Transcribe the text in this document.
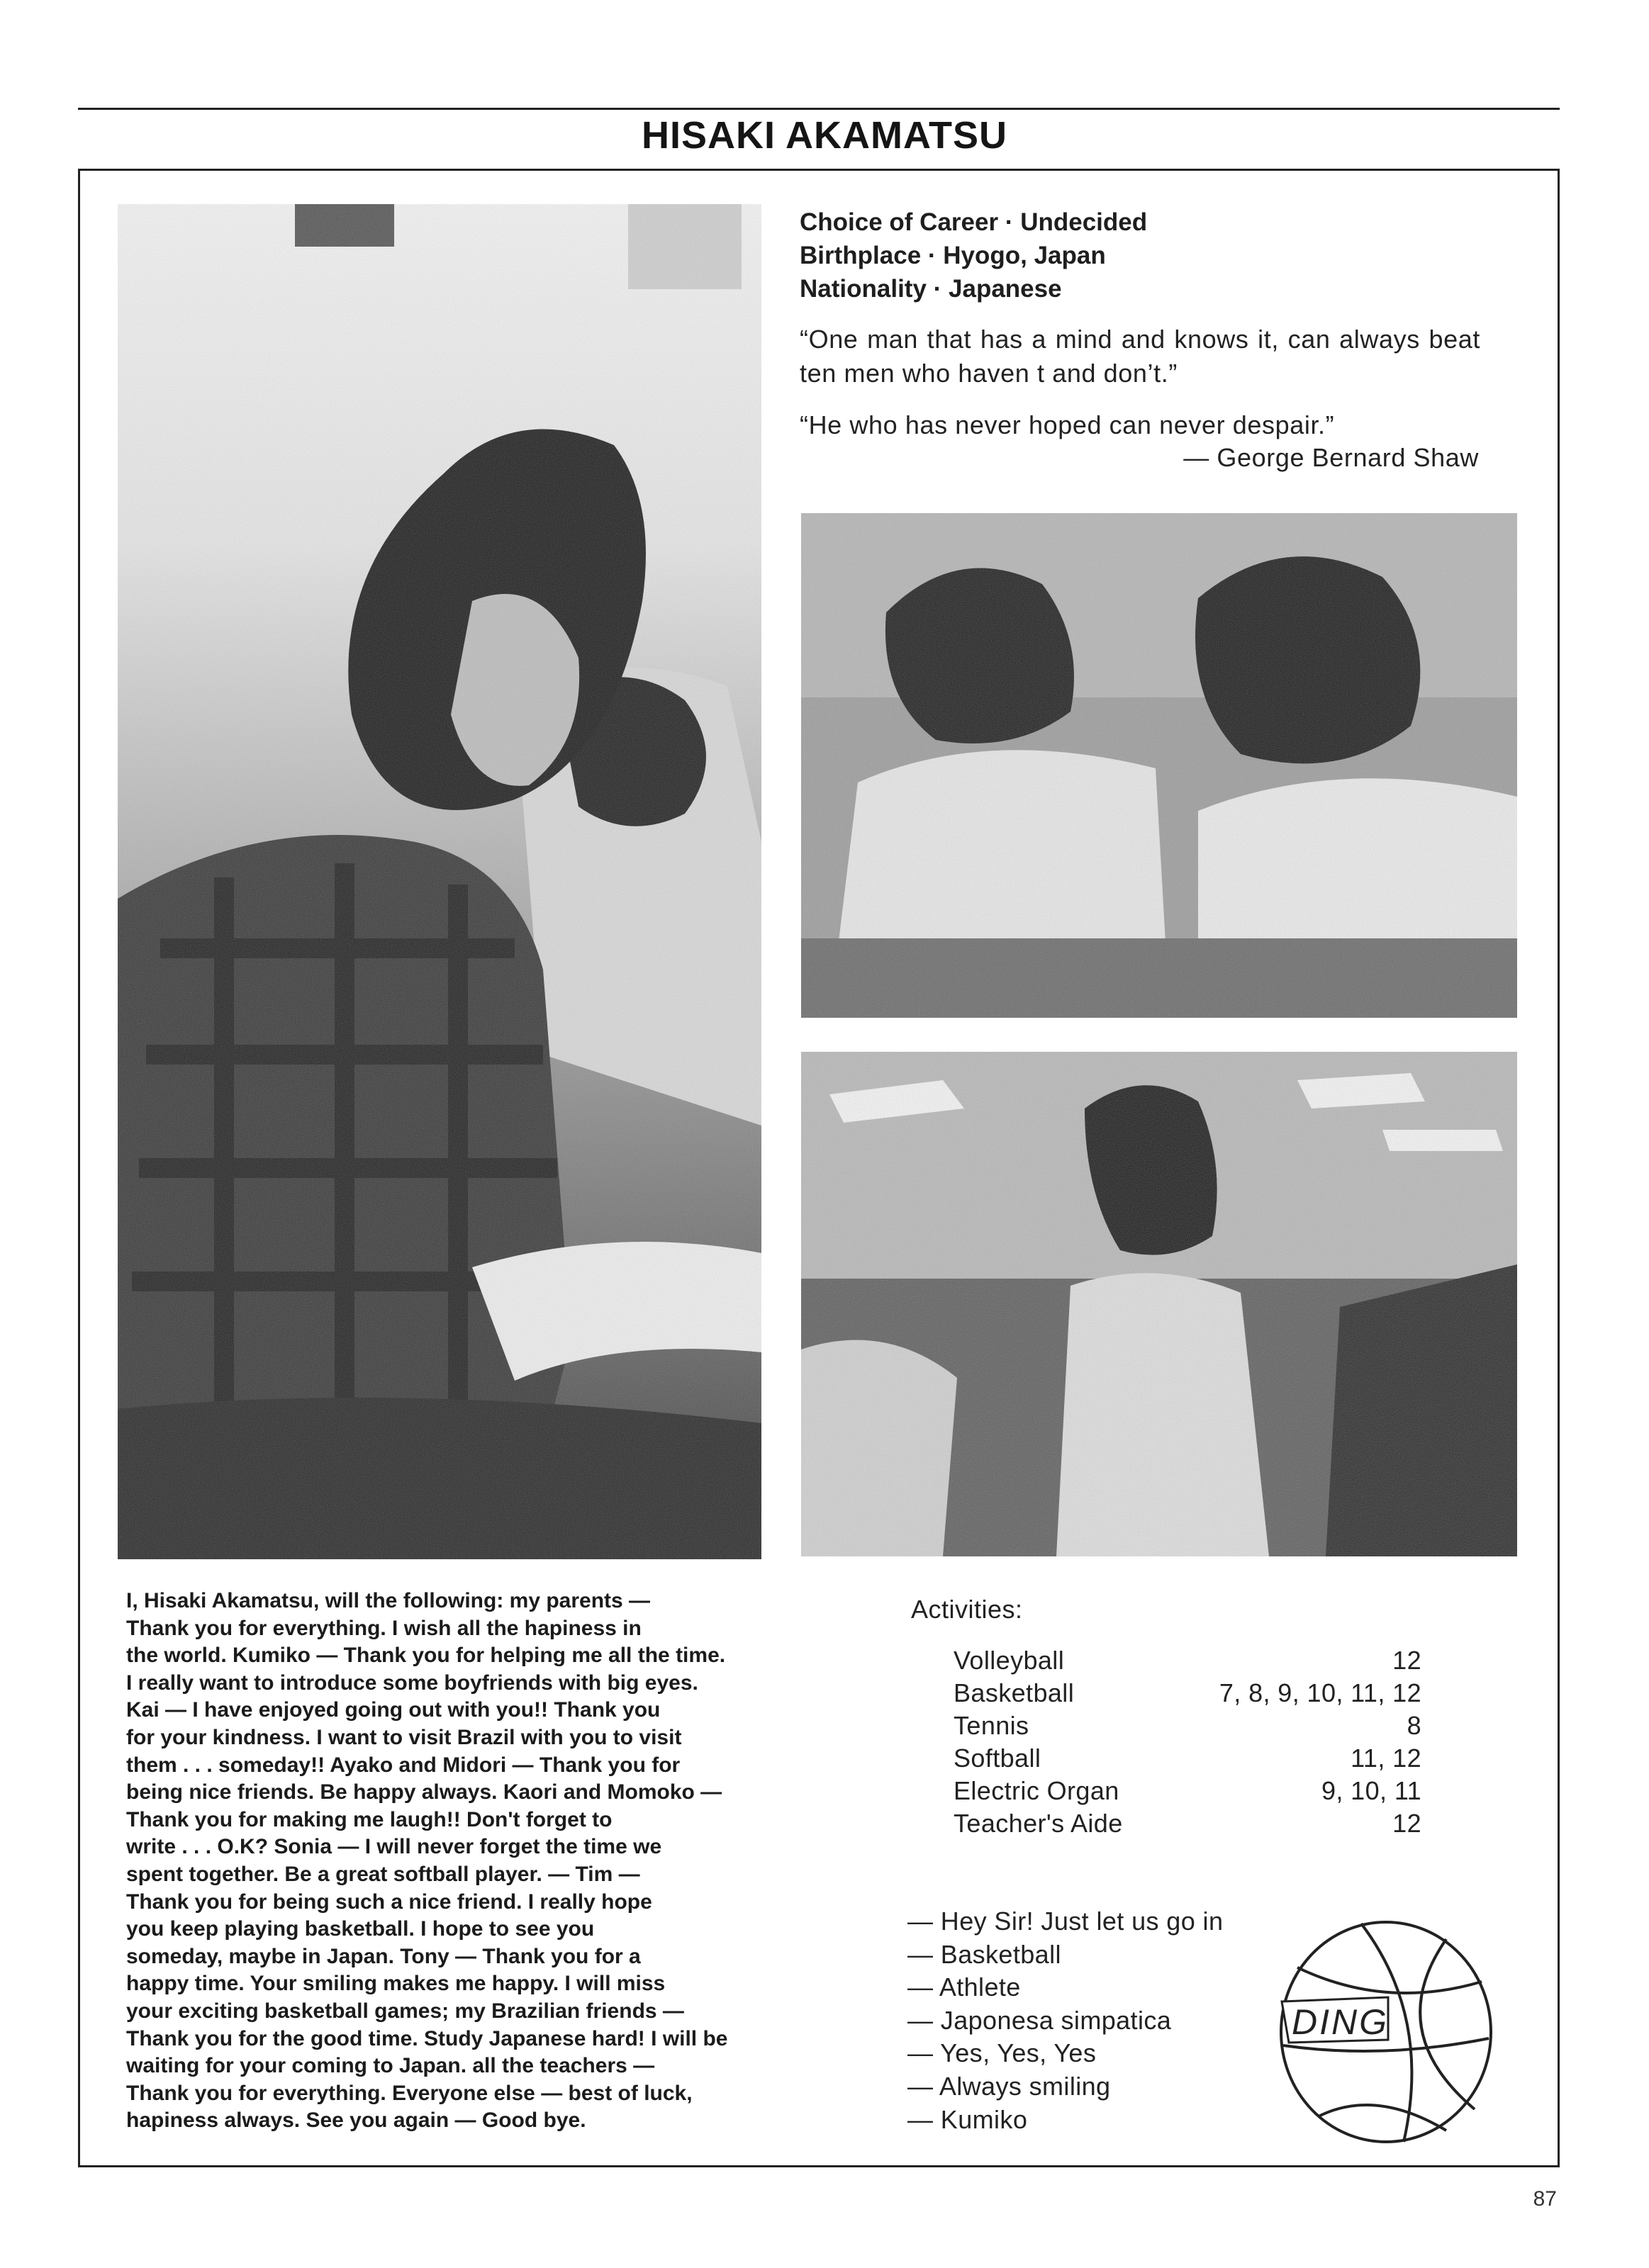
HISAKI AKAMATSU
Choice of Career · Undecided
Birthplace · Hyogo, Japan
Nationality · Japanese
“One man that has a mind and knows it, can always beat ten men who haven t and don’t.”
“He who has never hoped can never despair.”
— George Bernard Shaw
I, Hisaki Akamatsu, will the following: my parents —
Thank you for everything. I wish all the hapiness in
the world. Kumiko — Thank you for helping me all the time.
I really want to introduce some boyfriends with big eyes.
Kai — I have enjoyed going out with you!! Thank you
for your kindness. I want to visit Brazil with you to visit
them . . . someday!! Ayako and Midori — Thank you for
being nice friends. Be happy always. Kaori and Momoko —
Thank you for making me laugh!! Don't forget to
write . . . O.K? Sonia — I will never forget the time we
spent together. Be a great softball player. — Tim —
Thank you for being such a nice friend. I really hope
you keep playing basketball. I hope to see you
someday, maybe in Japan. Tony — Thank you for a
happy time. Your smiling makes me happy. I will miss
your exciting basketball games; my Brazilian friends —
Thank you for the good time. Study Japanese hard! I will be
waiting for your coming to Japan. all the teachers —
Thank you for everything. Everyone else — best of luck,
hapiness always. See you again — Good bye.
Activities:
Volleyball	12
Basketball	7, 8, 9, 10, 11, 12
Tennis	8
Softball	11, 12
Electric Organ	9, 10, 11
Teacher's Aide	12
— Hey Sir! Just let us go in
— Basketball
— Athlete
— Japonesa simpatica
— Yes, Yes, Yes
— Always smiling
— Kumiko
DING
87
